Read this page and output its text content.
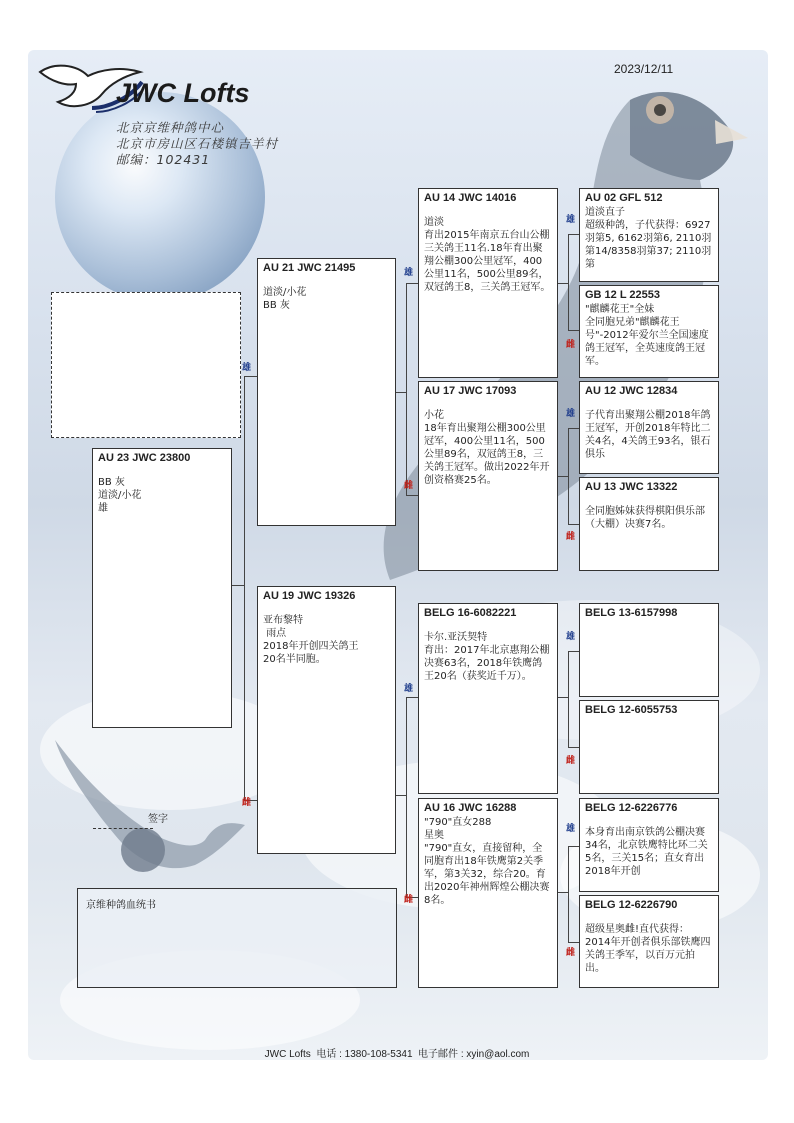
JWC Lofts
北京京维种鸽中心
北京市房山区石楼镇吉羊村
邮编：102431
2023/12/11
雄
雌
雄
雌
雄
雌
雄
雌
雄
雌
雄
雌
雄
雌
AU 23 JWC 23800
BB 灰
道淡/小花
雄
AU 21 JWC 21495
道淡/小花
BB 灰
AU 19 JWC 19326
亚布黎特
雨点
2018年开创四关鸽王
20名半同胞。
AU 14 JWC 14016
道淡
育出2015年南京五台山公棚三关鸽王11名.18年育出聚翔公棚300公里冠军，400公里11名，500公里89名，双冠鸽王8，三关鸽王冠军。
AU 17 JWC 17093
小花
18年育出聚翔公棚300公里冠军，400公里11名，500公里89名，双冠鸽王8，三关鸽王冠军。做出2022年开创资格赛25名。
BELG 16-6082221
卡尔.亚沃契特
育出：2017年北京惠翔公棚决赛63名，2018年铁鹰鸽王20名（获奖近千万）。
AU 16 JWC 16288
"790"直女288
星奥
"790"直女，直接留种，全同胞育出18年铁鹰第2关季军，第3关32，综合20。育出2020年神州辉煌公棚决赛8名。
AU 02 GFL 512
道淡直子
超级种鸽，子代获得：6927羽第5, 6162羽第6, 2110羽第14/8358羽第37; 2110羽第
GB 12 L 22553
"麒麟花王"全妹
全同胞兄弟"麒麟花王号"-2012年爱尔兰全国速度鸽王冠军，全英速度鸽王冠军。
AU 12 JWC 12834
子代育出聚翔公棚2018年鸽王冠军，开创2018年特比二关4名，4关鸽王93名，银石俱乐
AU 13 JWC 13322
全同胞姊妹获得棋阳俱乐部（大棚）决赛7名。
BELG 13-6157998
BELG 12-6055753
BELG 12-6226776
本身育出南京铁鸽公棚决赛34名，北京铁鹰特比环二关5名，三关15名；直女育出2018年开创
BELG 12-6226790
超级星奥雌!直代获得：2014年开创者俱乐部铁鹰四关鸽王季军，以百万元拍出。
签字
京维种鸽血统书
JWC Lofts  电话 : 1380-108-5341  电子邮件 : xyin@aol.com
